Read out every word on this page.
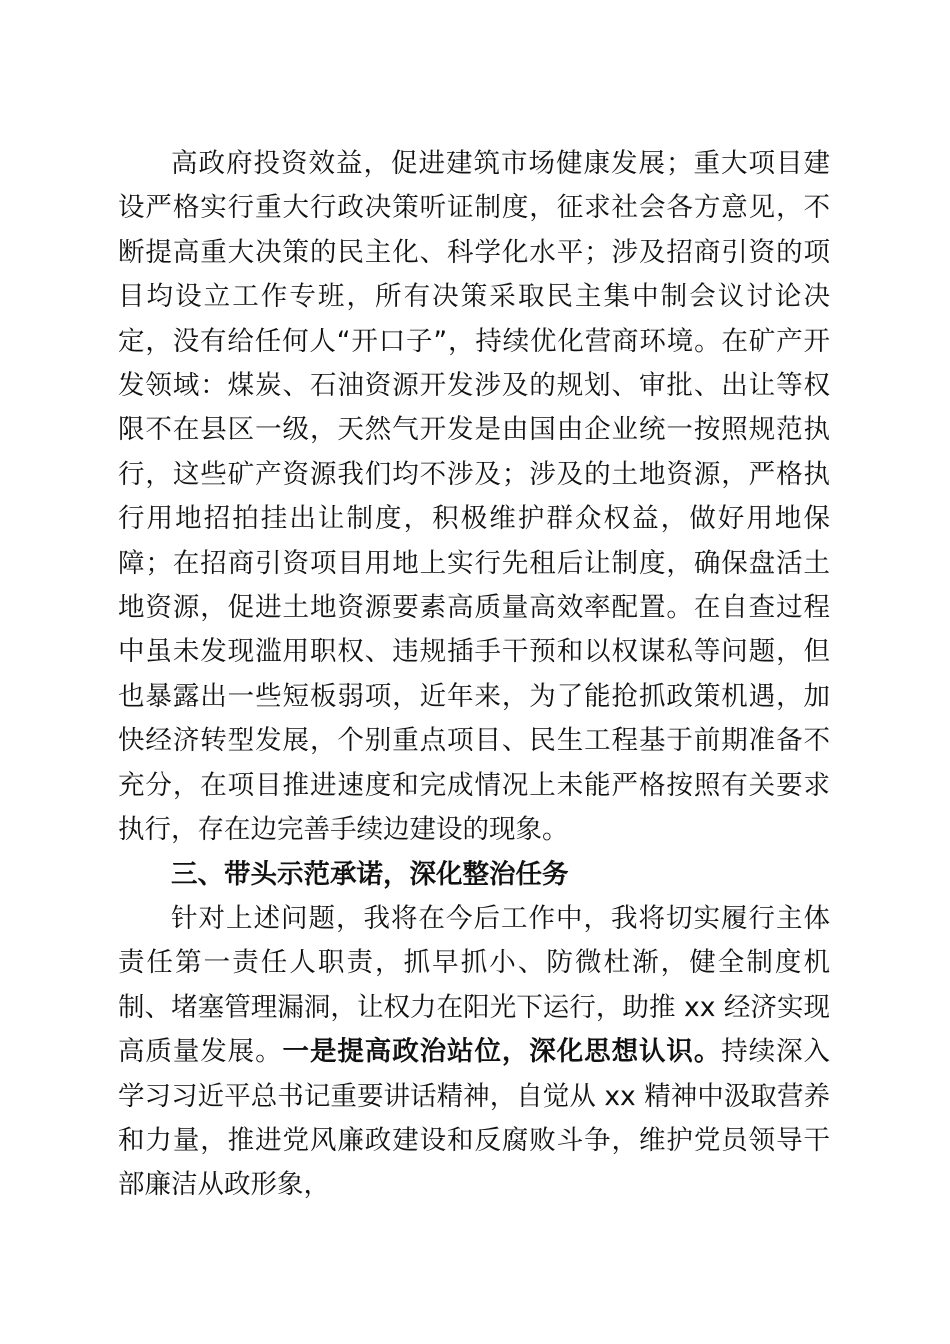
高政府投资效益，促进建筑市场健康发展；重大项目建设严格实行重大行政决策听证制度，征求社会各方意见，不断提高重大决策的民主化、科学化水平；涉及招商引资的项目均设立工作专班，所有决策采取民主集中制会议讨论决定，没有给任何人“开口子”，持续优化营商环境。在矿产开发领域：煤炭、石油资源开发涉及的规划、审批、出让等权限不在县区一级，天然气开发是由国由企业统一按照规范执行，这些矿产资源我们均不涉及；涉及的土地资源，严格执行用地招拍挂出让制度，积极维护群众权益，做好用地保障；在招商引资项目用地上实行先租后让制度，确保盘活土地资源，促进土地资源要素高质量高效率配置。在自查过程中虽未发现滥用职权、违规插手干预和以权谋私等问题，但也暴露出一些短板弱项，近年来，为了能抢抓政策机遇，加快经济转型发展，个别重点项目、民生工程基于前期准备不充分，在项目推进速度和完成情况上未能严格按照有关要求执行，存在边完善手续边建设的现象。

三、带头示范承诺，深化整治任务

针对上述问题，我将在今后工作中，我将切实履行主体责任第一责任人职责，抓早抓小、防微杜渐，健全制度机制、堵塞管理漏洞，让权力在阳光下运行，助推 xx 经济实现高质量发展。一是提高政治站位，深化思想认识。持续深入学习习近平总书记重要讲话精神，自觉从 xx 精神中汲取营养和力量，推进党风廉政建设和反腐败斗争，维护党员领导干部廉洁从政形象，
